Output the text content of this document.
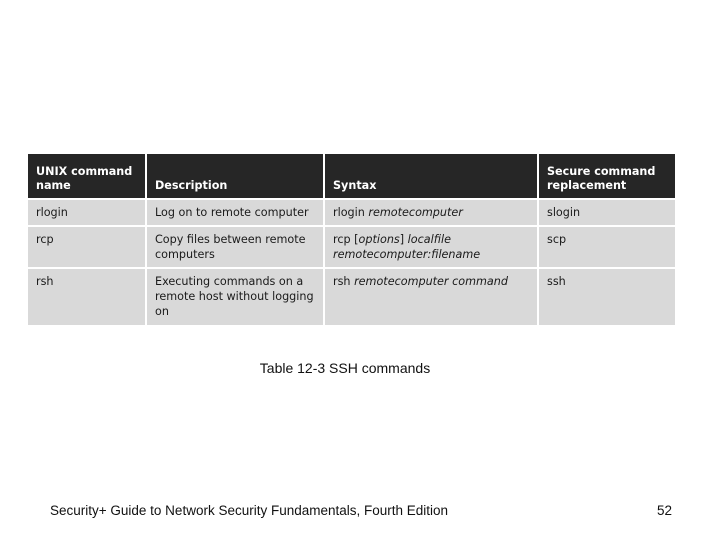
UNIX command name	Description	Syntax	Secure command replacement
rlogin	Log on to remote computer	rlogin remotecomputer	slogin
rcp	Copy files between remote computers	rcp [options] localfile remotecomputer:filename	scp
rsh	Executing commands on a remote host without logging on	rsh remotecomputer command	ssh
Table 12-3 SSH commands
Security+ Guide to Network Security Fundamentals, Fourth Edition	52
